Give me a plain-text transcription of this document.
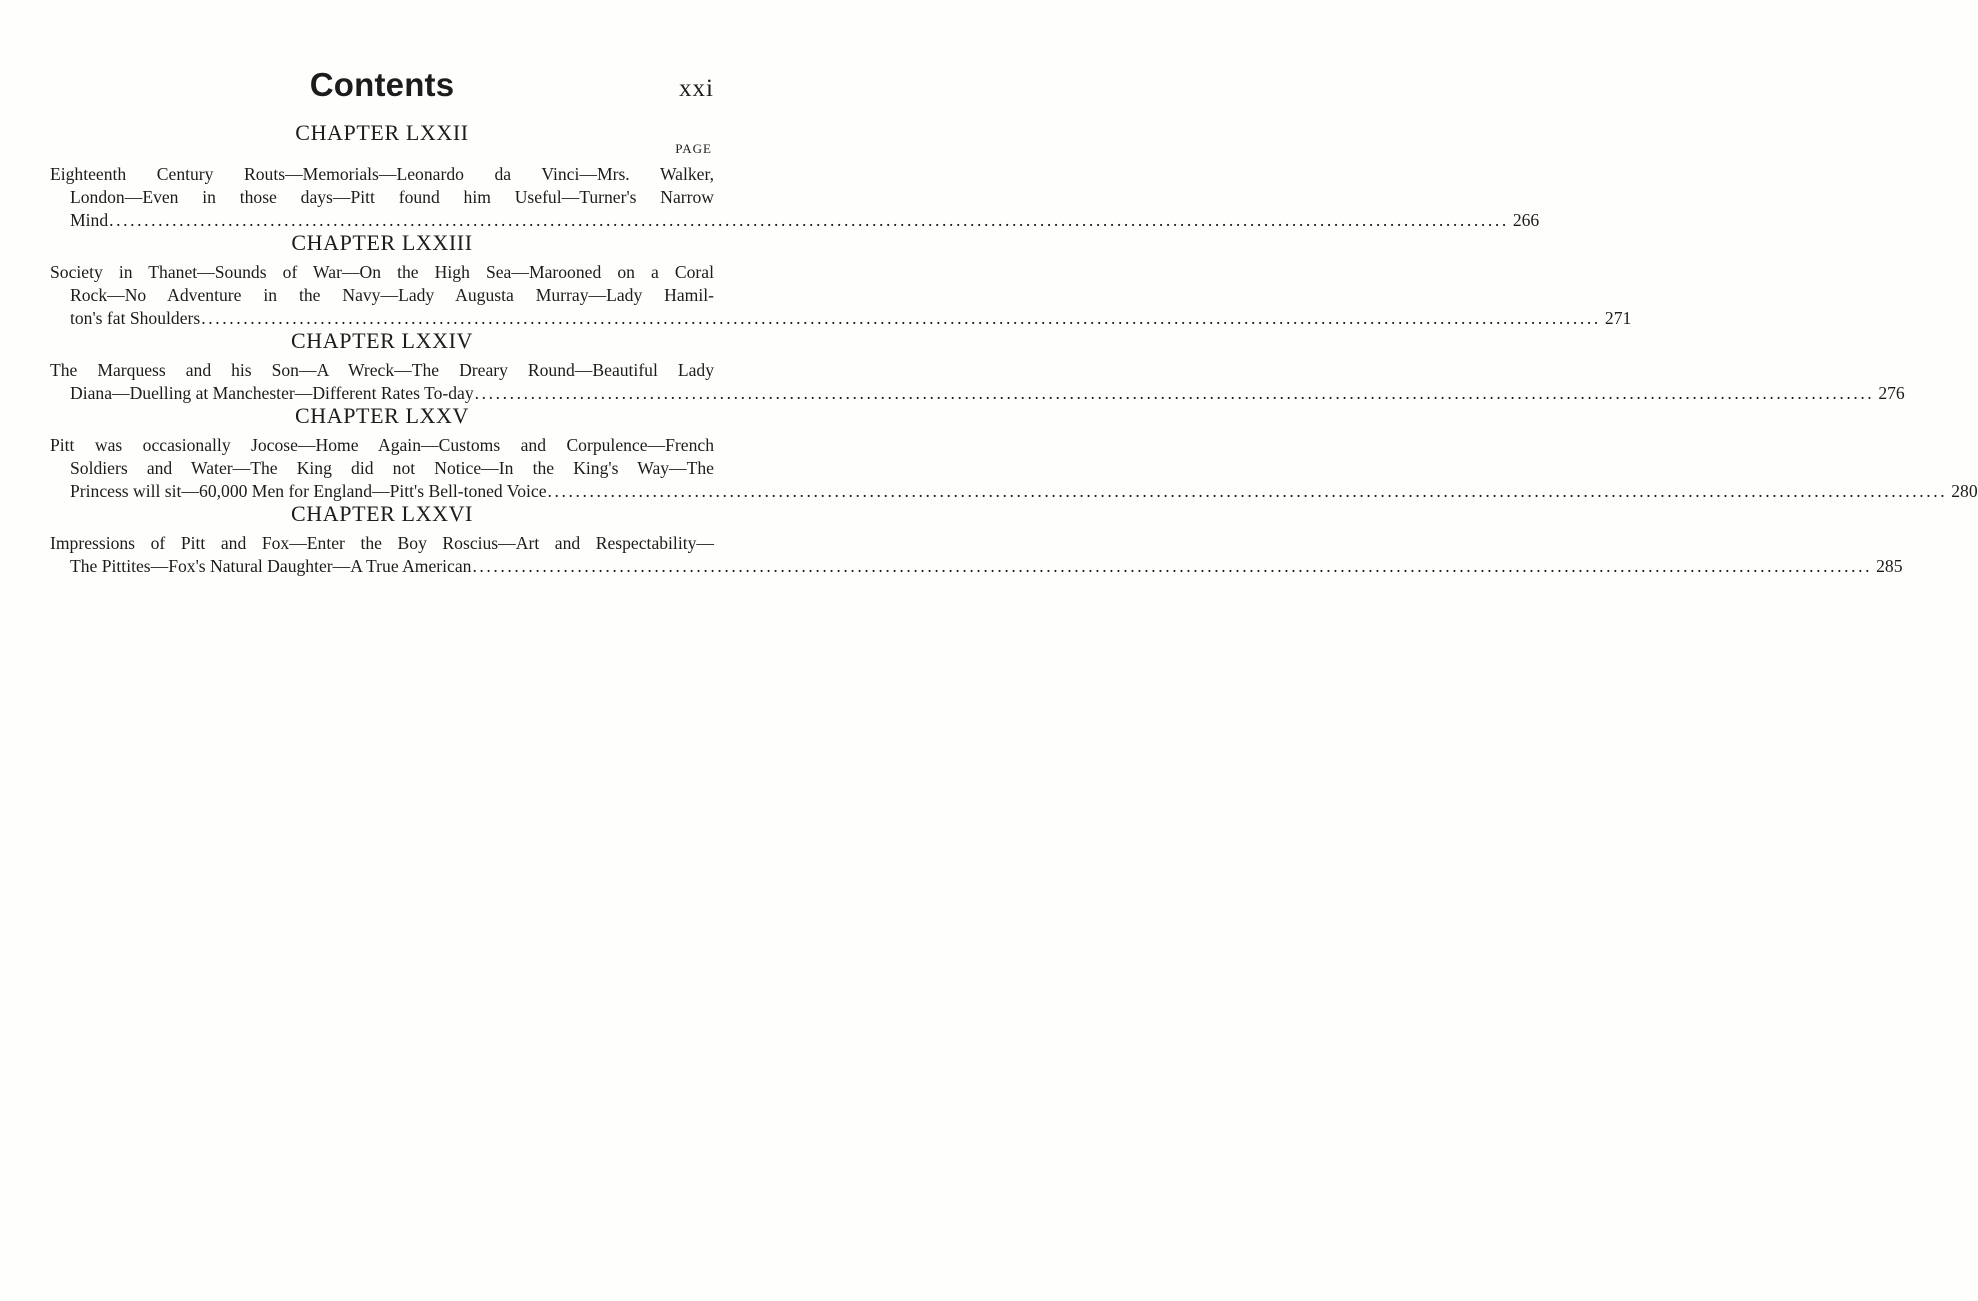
Contents	xxi
CHAPTER LXXII
PAGE
Eighteenth Century Routs—Memorials—Leonardo da Vinci—Mrs. Walker,
London—Even in those days—Pitt found him Useful—Turner's Narrow
Mind ........................................................................................................................................................................................................ 266
CHAPTER LXXIII
Society in Thanet—Sounds of War—On the High Sea—Marooned on a Coral
Rock—No Adventure in the Navy—Lady Augusta Murray—Lady Hamil-
ton's fat Shoulders ........................................................................................................................................................................................................ 271
CHAPTER LXXIV
The Marquess and his Son—A Wreck—The Dreary Round—Beautiful Lady
Diana—Duelling at Manchester—Different Rates To-day ........................................................................................................................................................................................................ 276
CHAPTER LXXV
Pitt was occasionally Jocose—Home Again—Customs and Corpulence—French
Soldiers and Water—The King did not Notice—In the King's Way—The
Princess will sit—60,000 Men for England—Pitt's Bell-toned Voice ........................................................................................................................................................................................................ 280
CHAPTER LXXVI
Impressions of Pitt and Fox—Enter the Boy Roscius—Art and Respectability—
The Pittites—Fox's Natural Daughter—A True American ........................................................................................................................................................................................................ 285
